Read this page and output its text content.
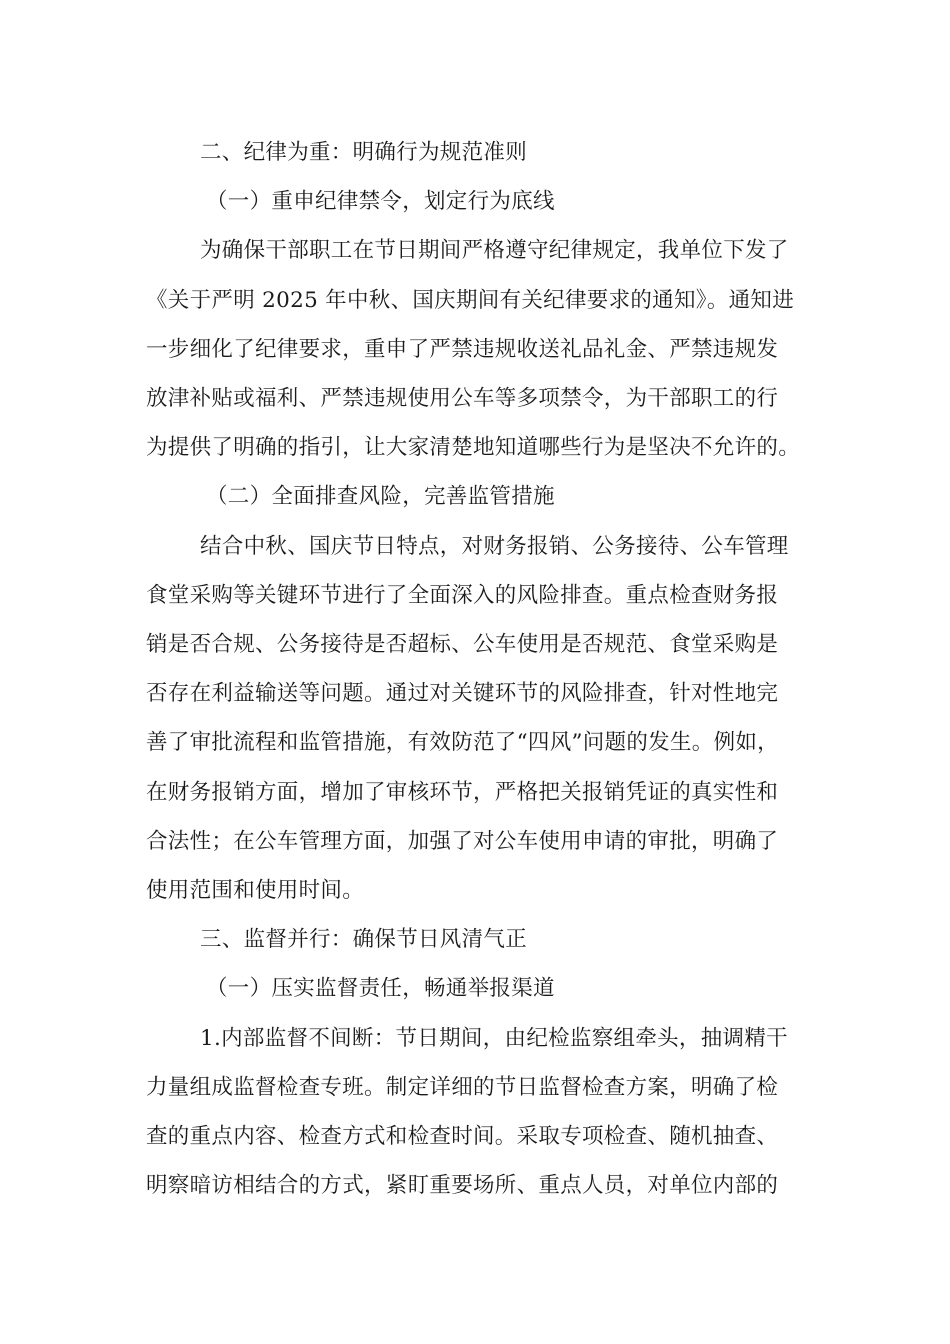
二、纪律为重：明确行为规范准则
（一）重申纪律禁令，划定行为底线
为确保干部职工在节日期间严格遵守纪律规定，我单位下发了
《关于严明 2025 年中秋、国庆期间有关纪律要求的通知》。通知进
一步细化了纪律要求，重申了严禁违规收送礼品礼金、严禁违规发
放津补贴或福利、严禁违规使用公车等多项禁令，为干部职工的行
为提供了明确的指引，让大家清楚地知道哪些行为是坚决不允许的。
（二）全面排查风险，完善监管措施
结合中秋、国庆节日特点，对财务报销、公务接待、公车管理
食堂采购等关键环节进行了全面深入的风险排查。重点检查财务报
销是否合规、公务接待是否超标、公车使用是否规范、食堂采购是
否存在利益输送等问题。通过对关键环节的风险排查，针对性地完
善了审批流程和监管措施，有效防范了“四风”问题的发生。例如，
在财务报销方面，增加了审核环节，严格把关报销凭证的真实性和
合法性；在公车管理方面，加强了对公车使用申请的审批，明确了
使用范围和使用时间。
三、监督并行：确保节日风清气正
（一）压实监督责任，畅通举报渠道
1.内部监督不间断：节日期间，由纪检监察组牵头，抽调精干
力量组成监督检查专班。制定详细的节日监督检查方案，明确了检
查的重点内容、检查方式和检查时间。采取专项检查、随机抽查、
明察暗访相结合的方式，紧盯重要场所、重点人员，对单位内部的
